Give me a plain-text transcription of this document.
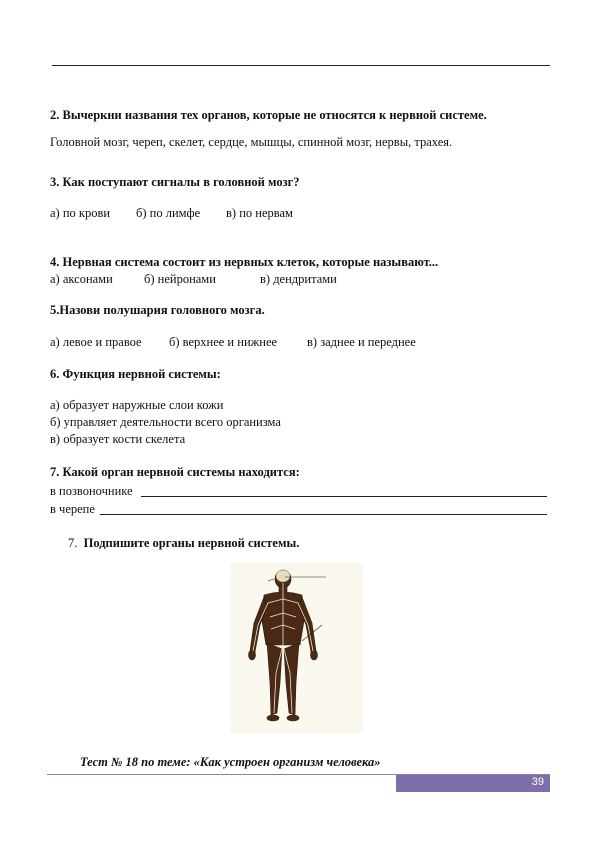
2. Вычеркни названия тех органов, которые не относятся к нервной системе.
Головной мозг, череп, скелет, сердце, мышцы, спинной мозг, нервы, трахея.
3. Как поступают сигналы в головной мозг?
а) по крови б) по лимфе в) по нервам
4. Нервная система состоит из нервных клеток, которые называют...
а) аксонами б) нейронами	в) дендритами
5.Назови полушария головного мозга.
а) левое и правое б) верхнее и нижнее в) заднее и переднее
6. Функция нервной системы:
а) образует наружные слои кожи
б) управляет деятельности всего организма
в) образует кости скелета
7. Какой орган нервной системы находится:
в позвоночнике
в черепе
7. Подпишите органы нервной системы.
Тест № 18 по теме: «Как устроен организм человека»
39
